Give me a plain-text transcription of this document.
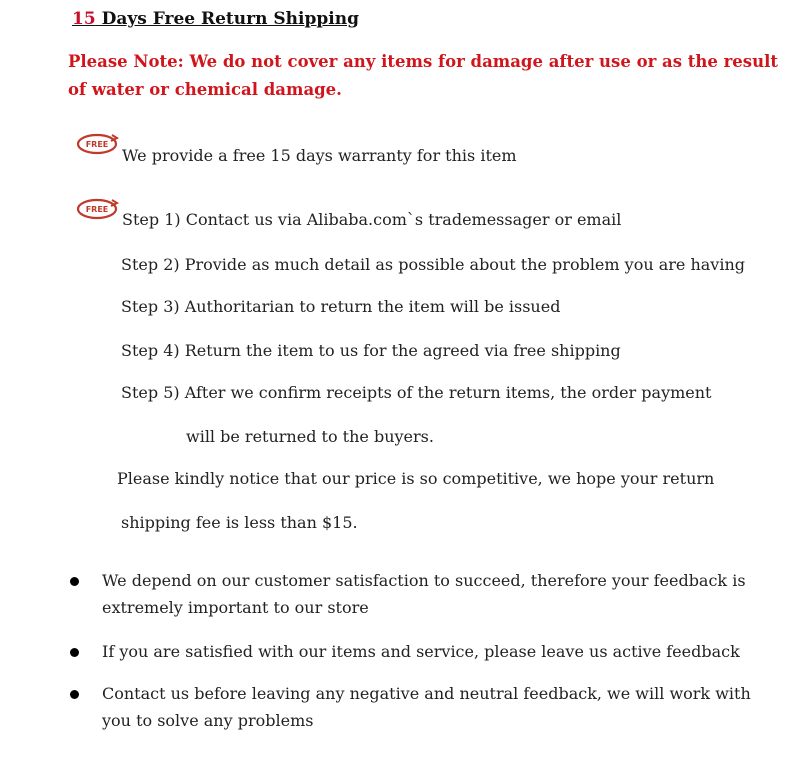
15 Days Free Return Shipping
Please Note: We do not cover any items for damage after use or as the result
of water or chemical damage.
FREE
We provide a free 15 days warranty for this item
FREE
Step 1) Contact us via Alibaba.com`s trademessager or email
Step 2) Provide as much detail as possible about the problem you are having
Step 3) Authoritarian to return the item will be issued
Step 4) Return the item to us for the agreed via free shipping
Step 5) After we confirm receipts of the return items, the order payment
will be returned to the buyers.
Please kindly notice that our price is so competitive, we hope your return
shipping fee is less than $15.
We depend on our customer satisfaction to succeed, therefore your feedback is
extremely important to our store
If you are satisfied with our items and service, please leave us active feedback
Contact us before leaving any negative and neutral feedback, we will work with
you to solve any problems
